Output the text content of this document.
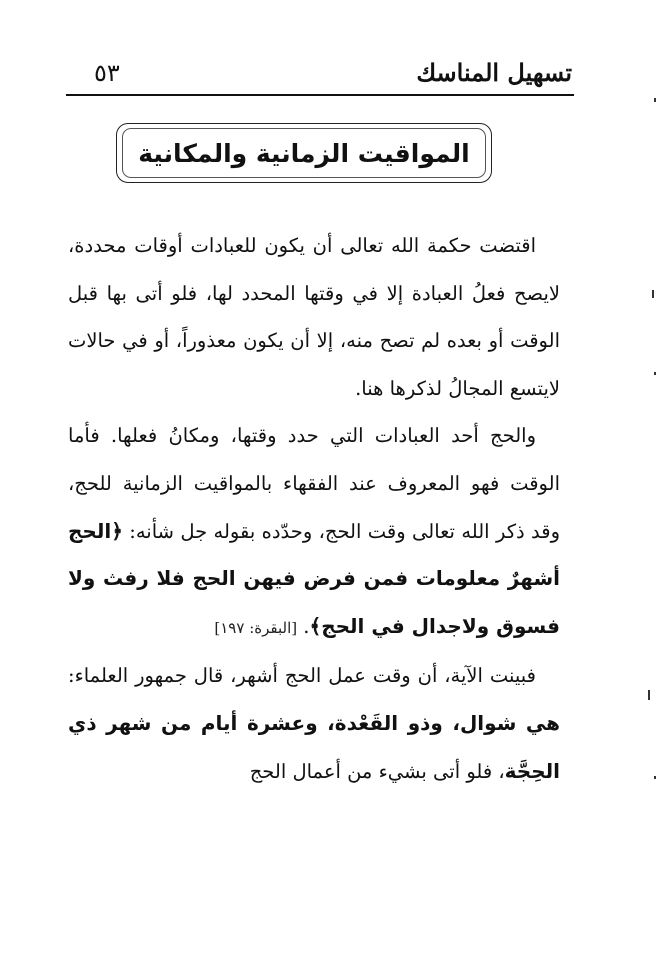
تسهيل المناسك
٥٣
المواقيت الزمانية والمكانية

اقتضت حكمة الله تعالى أن يكون للعبادات أوقات محددة، لايصح فعلُ العبادة إلا في وقتها المحدد لها، فلو أتى بها قبل الوقت أو بعده لم تصح منه، إلا أن يكون معذوراً، أو في حالات لايتسع المجالُ لذكرها هنا.

والحج أحد العبادات التي حدد وقتها، ومكانُ فعلها. فأما الوقت فهو المعروف عند الفقهاء بالمواقيت الزمانية للحج، وقد ذكر الله تعالى وقت الحج، وحدّده بقوله جل شأنه: ﴿الحج أشهرٌ معلومات فمن فرض فيهن الحج فلا رفث ولا فسوق ولاجدال في الحج﴾. [البقرة: ١٩٧]

فبينت الآية، أن وقت عمل الحج أشهر، قال جمهور العلماء: هي شوال، وذو القَعْدة، وعشرة أيام من شهر ذي الحِجَّة، فلو أتى بشيء من أعمال الحج
